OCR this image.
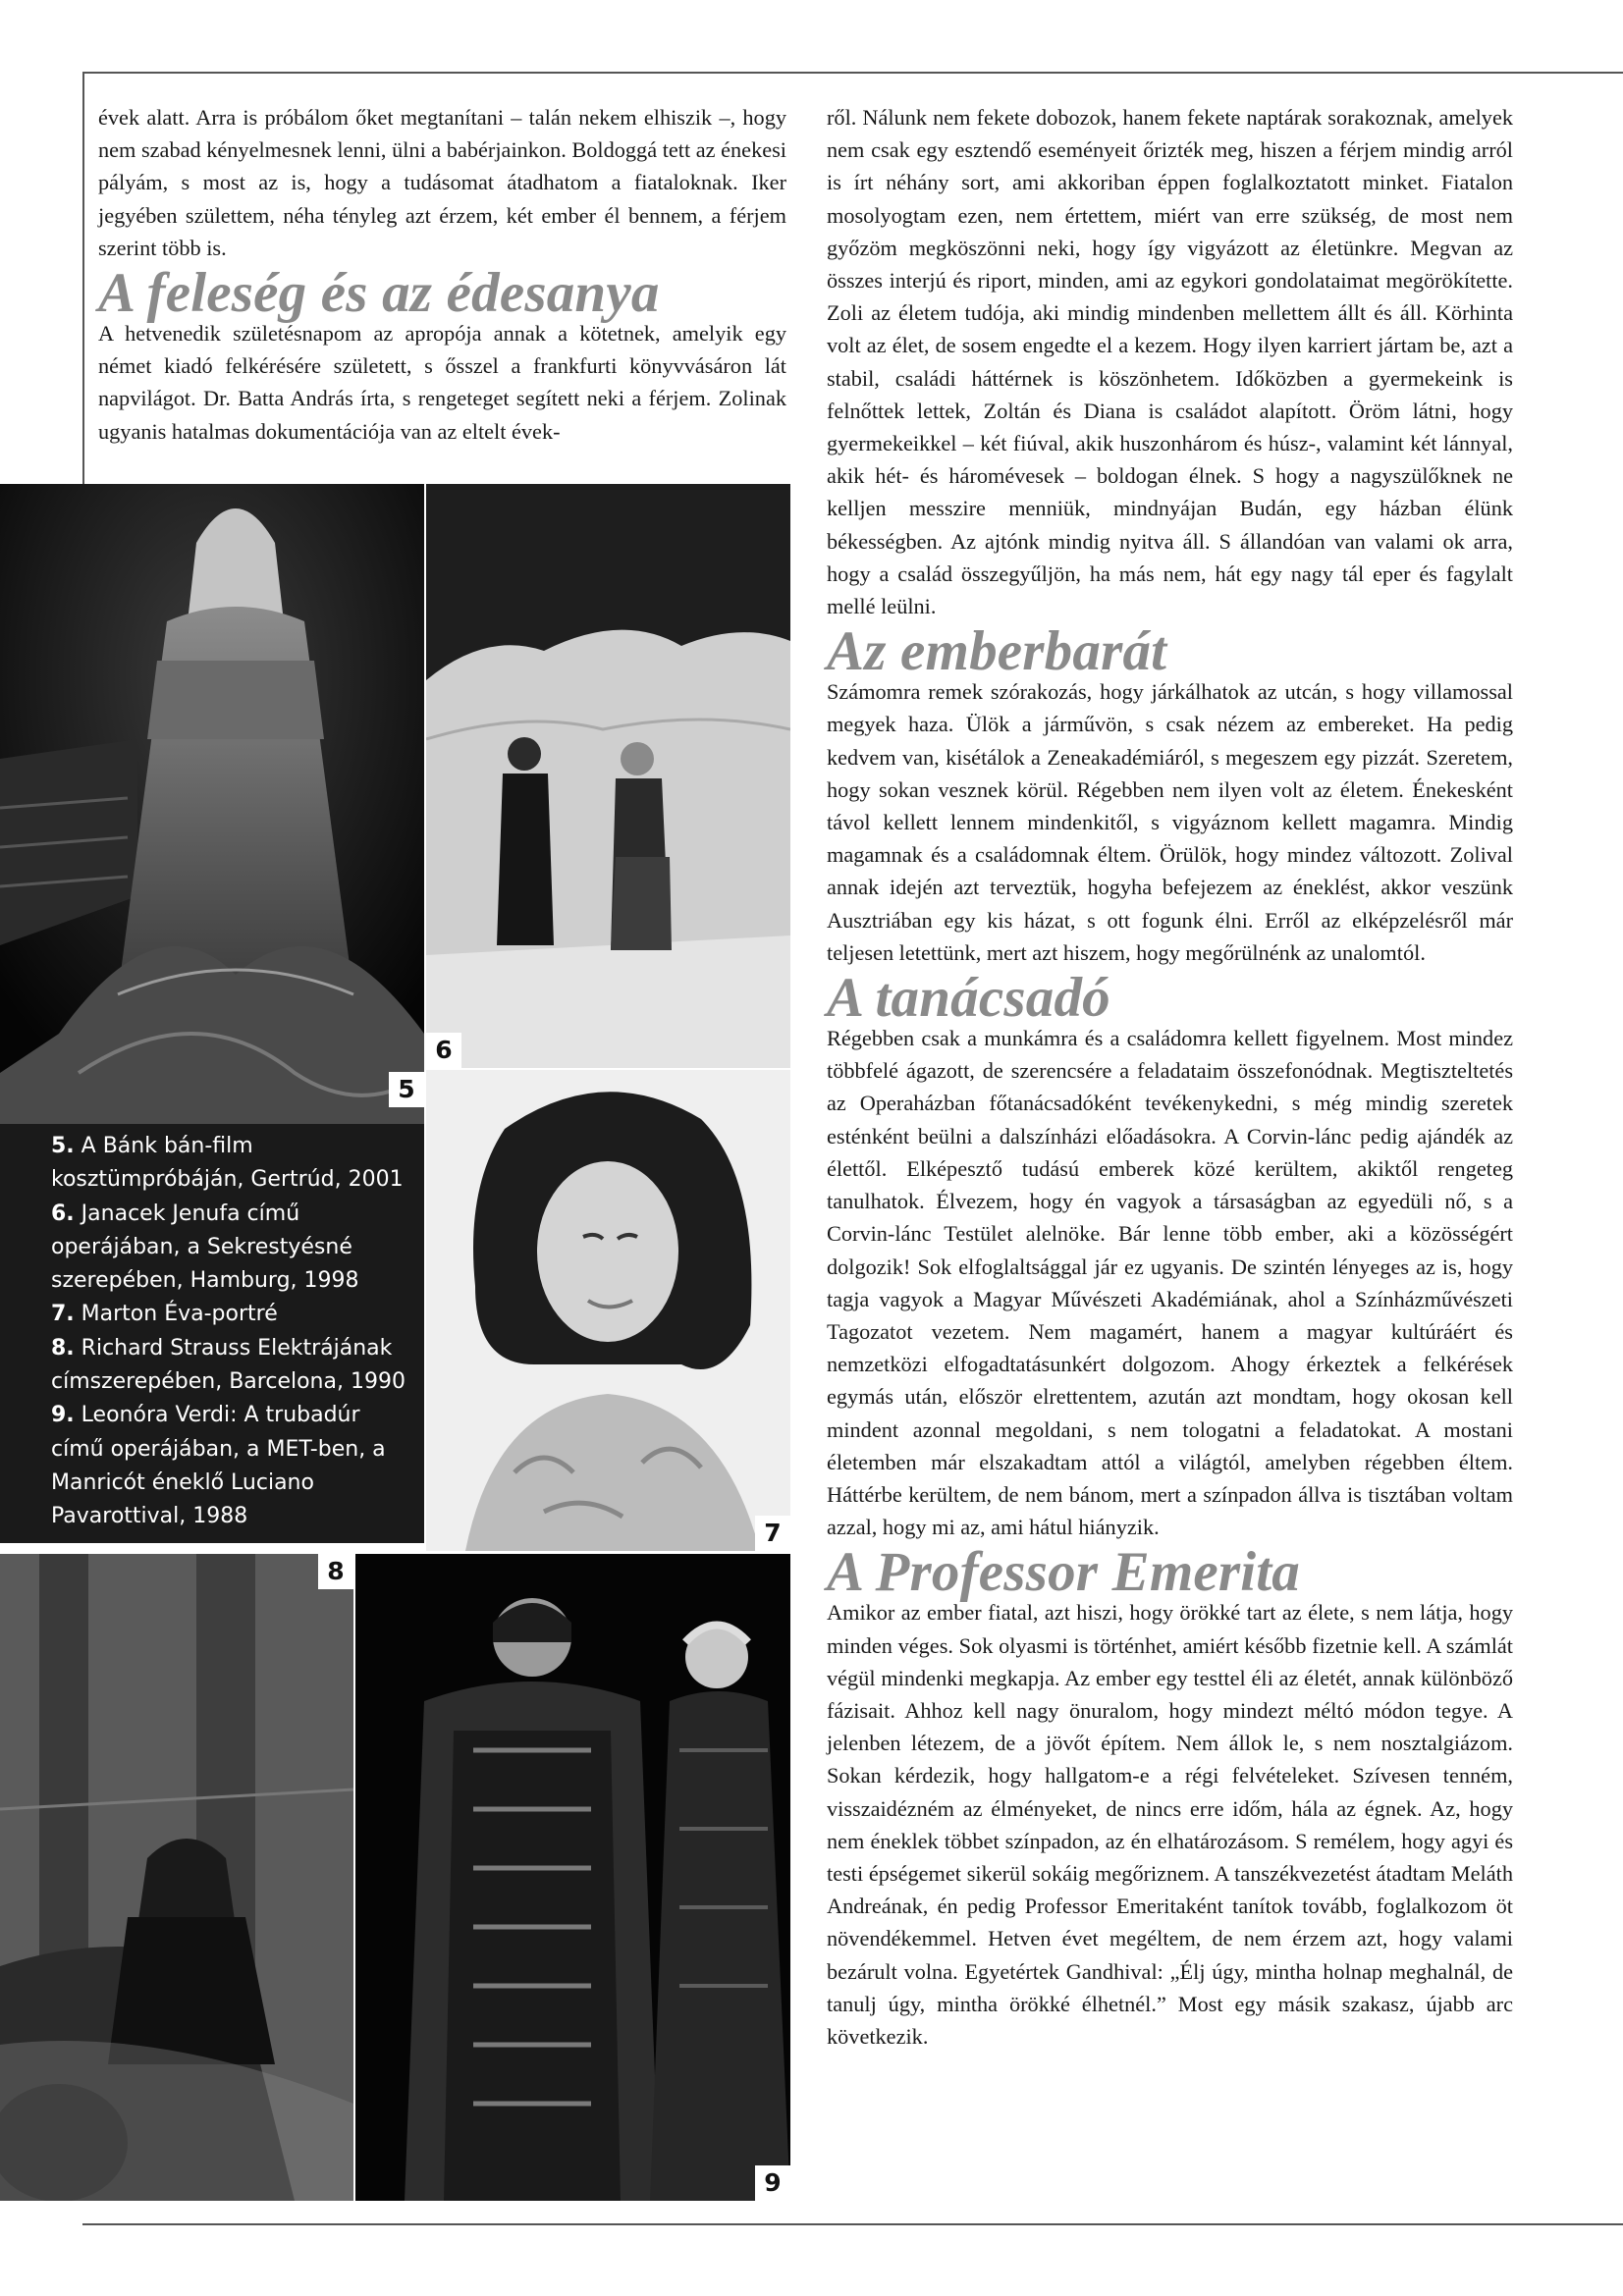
évek alatt. Arra is próbálom őket megtanítani – talán nekem elhiszik –, hogy nem szabad kényelmesnek lenni, ülni a babérjainkon. Boldoggá tett az énekesi pályám, s most az is, hogy a tudásomat átadhatom a fiataloknak. Iker jegyében születtem, néha tényleg azt érzem, két ember él bennem, a férjem szerint több is.

A feleség és az édesanya

A hetvenedik születésnapom az apropója annak a kötetnek, amelyik egy német kiadó felkérésére született, s ősszel a frankfurti könyvvásáron lát napvilágot. Dr. Batta András írta, s rengeteget segített neki a férjem. Zolinak ugyanis hatalmas dokumentációja van az eltelt évek-

ről. Nálunk nem fekete dobozok, hanem fekete naptárak sorakoznak, amelyek nem csak egy esztendő eseményeit őrizték meg, hiszen a férjem mindig arról is írt néhány sort, ami akkoriban éppen foglalkoztatott minket. Fiatalon mosolyogtam ezen, nem értettem, miért van erre szükség, de most nem győzöm megköszönni neki, hogy így vigyázott az életünkre. Megvan az összes interjú és riport, minden, ami az egykori gondolataimat megörökítette. Zoli az életem tudója, aki mindig mindenben mellettem állt és áll. Körhinta volt az élet, de sosem engedte el a kezem. Hogy ilyen karriert jártam be, azt a stabil, családi háttérnek is köszönhetem. Időközben a gyermekeink is felnőttek lettek, Zoltán és Diana is családot alapított. Öröm látni, hogy gyermekeikkel – két fiúval, akik huszonhárom és húsz-, valamint két lánnyal, akik hét- és háromévesek – boldogan élnek. S hogy a nagyszülőknek ne kelljen messzire menniük, mindnyájan Budán, egy házban élünk békességben. Az ajtónk mindig nyitva áll. S állandóan van valami ok arra, hogy a család összegyűljön, ha más nem, hát egy nagy tál eper és fagylalt mellé leülni.

Az emberbarát

Számomra remek szórakozás, hogy járkálhatok az utcán, s hogy villamossal megyek haza. Ülök a járművön, s csak nézem az embereket. Ha pedig kedvem van, kisétálok a Zeneakadémiáról, s megeszem egy pizzát. Szeretem, hogy sokan vesznek körül. Régebben nem ilyen volt az életem. Énekesként távol kellett lennem mindenkitől, s vigyáznom kellett magamra. Mindig magamnak és a családomnak éltem. Örülök, hogy mindez változott. Zolival annak idején azt terveztük, hogyha befejezem az éneklést, akkor veszünk Ausztriában egy kis házat, s ott fogunk élni. Erről az elképzelésről már teljesen letettünk, mert azt hiszem, hogy megőrülnénk az unalomtól.

A tanácsadó

Régebben csak a munkámra és a családomra kellett figyelnem. Most mindez többfelé ágazott, de szerencsére a feladataim összefonódnak. Megtiszteltetés az Operaházban főtanácsadóként tevékenykedni, s még mindig szeretek esténként beülni a dalszínházi előadásokra. A Corvin-lánc pedig ajándék az élettől. Elképesztő tudású emberek közé kerültem, akiktől rengeteg tanulhatok. Élvezem, hogy én vagyok a társaságban az egyedüli nő, s a Corvin-lánc Testület alelnöke. Bár lenne több ember, aki a közösségért dolgozik! Sok elfoglaltsággal jár ez ugyanis. De szintén lényeges az is, hogy tagja vagyok a Magyar Művészeti Akadémiának, ahol a Színházművészeti Tagozatot vezetem. Nem magamért, hanem a magyar kultúráért és nemzetközi elfogadtatásunkért dolgozom. Ahogy érkeztek a felkérések egymás után, először elrettentem, azután azt mondtam, hogy okosan kell mindent azonnal megoldani, s nem tologatni a feladatokat. A mostani életemben már elszakadtam attól a világtól, amelyben régebben éltem. Háttérbe kerültem, de nem bánom, mert a színpadon állva is tisztában voltam azzal, hogy mi az, ami hátul hiányzik.

A Professor Emerita

Amikor az ember fiatal, azt hiszi, hogy örökké tart az élete, s nem látja, hogy minden véges. Sok olyasmi is történhet, amiért később fizetnie kell. A számlát végül mindenki megkapja. Az ember egy testtel éli az életét, annak különböző fázisait. Ahhoz kell nagy önuralom, hogy mindezt méltó módon tegye. A jelenben létezem, de a jövőt építem. Nem állok le, s nem nosztalgiázom. Sokan kérdezik, hogy hallgatom-e a régi felvételeket. Szívesen tenném, visszaidézném az élményeket, de nincs erre időm, hála az égnek. Az, hogy nem éneklek többet színpadon, az én elhatározásom. S remélem, hogy agyi és testi épségemet sikerül sokáig megőriznem. A tanszékvezetést átadtam Meláth Andreának, én pedig Professor Emeritaként tanítok tovább, foglalkozom öt növendékemmel. Hetven évet megéltem, de nem érzem azt, hogy valami bezárult volna. Egyetértek Gandhival: „Élj úgy, mintha holnap meghalnál, de tanulj úgy, mintha örökké élhetnél.” Most egy másik szakasz, újabb arc következik.

5. A Bánk bán-film kosztümpróbáján, Gertrúd, 2001
6. Janacek Jenufa című operájában, a Sekrestyésné szerepében, Hamburg, 1998
7. Marton Éva-portré
8. Richard Strauss Elektrájának címszerepében, Barcelona, 1990
9. Leonóra Verdi: A trubadúr című operájában, a MET-ben, a Manricót éneklő Luciano Pavarottival, 1988
6
5
7
8
9
